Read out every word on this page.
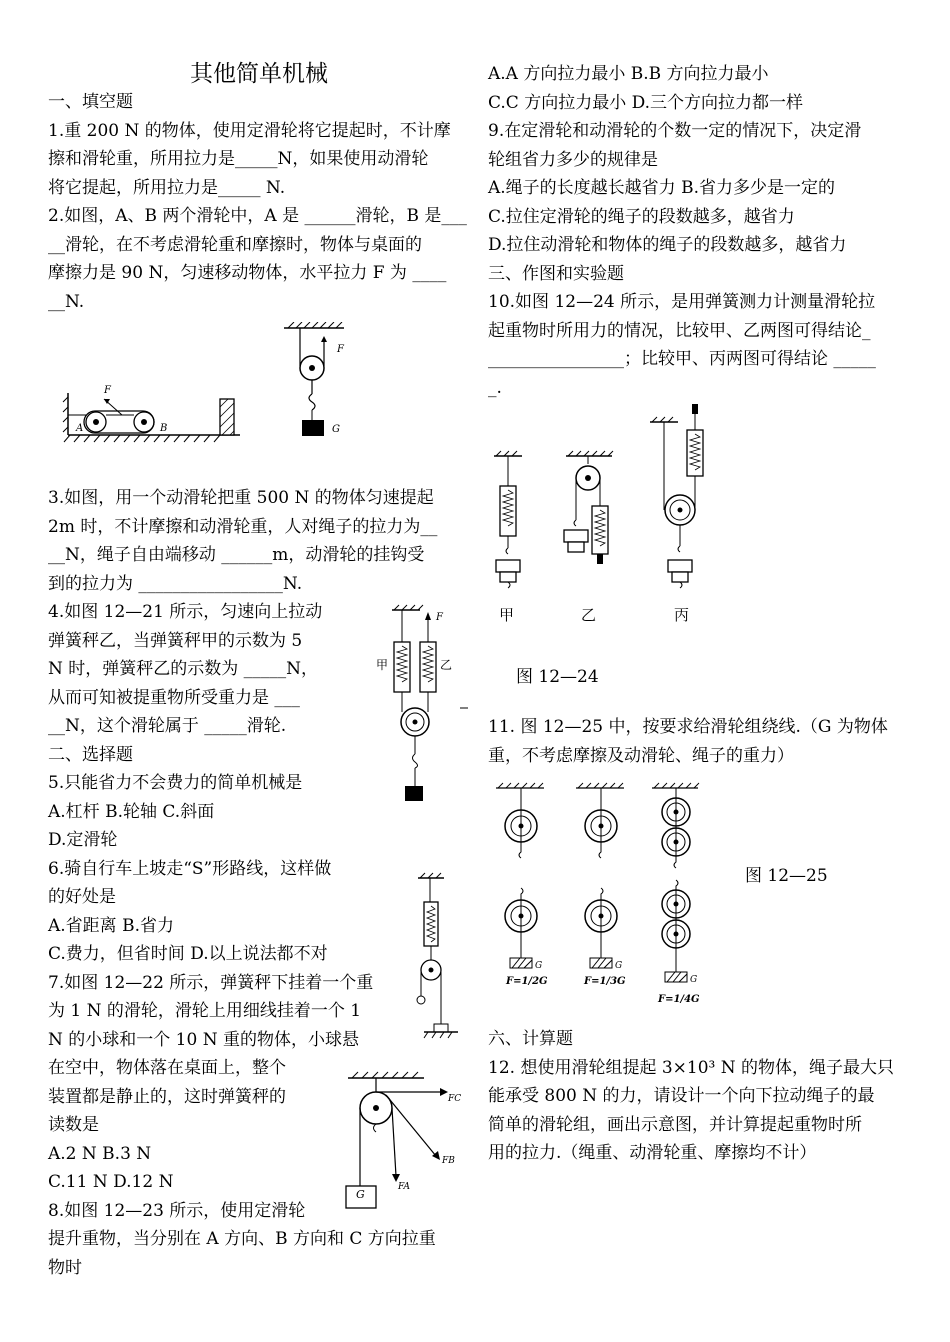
其他简单机械
一、填空题
1.重 200 N 的物体，使用定滑轮将它提起时，不计摩
擦和滑轮重，所用拉力是_____N，如果使用动滑轮
将它提起，所用拉力是_____ N.
2.如图，A、B 两个滑轮中，A 是 ______滑轮，B 是___
__滑轮，在不考虑滑轮重和摩擦时，物体与桌面的
摩擦力是 90 N，匀速移动物体，水平拉力 F 为 ____
__N.
F
A	B
F
G
3.如图，用一个动滑轮把重 500 N 的物体匀速提起
2m 时，不计摩擦和动滑轮重，人对绳子的拉力为__
__N，绳子自由端移动 ______m，动滑轮的挂钩受
到的拉力为 _________________N.
4.如图 12—21 所示，匀速向上拉动
弹簧秤乙，当弹簧秤甲的示数为 5
N 时，弹簧秤乙的示数为 _____N，
从而可知被提重物所受重力是 ___
__N，这个滑轮属于 _____滑轮.
二、选择题
5.只能省力不会费力的简单机械是
A.杠杆 B.轮轴 C.斜面
D.定滑轮
6.骑自行车上坡走“S”形路线，这样做
的好处是
A.省距离 B.省力
C.费力，但省时间 D.以上说法都不对
7.如图 12—22 所示，弹簧秤下挂着一个重
为 1 N 的滑轮，滑轮上用细线挂着一个 1
N 的小球和一个 10 N 重的物体，小球悬
在空中，物体落在桌面上，整个
装置都是静止的，这时弹簧秤的
读数是
A.2 N B.3 N
C.11 N D.12 N
8.如图 12—23 所示，使用定滑轮
提升重物，当分别在 A 方向、B 方向和 C 方向拉重
物时
F
甲	乙
G
FC
FB
FA
A.A 方向拉力最小 B.B 方向拉力最小
C.C 方向拉力最小 D.三个方向拉力都一样
9.在定滑轮和动滑轮的个数一定的情况下，决定滑
轮组省力多少的规律是
A.绳子的长度越长越省力 B.省力多少是一定的
C.拉住定滑轮的绳子的段数越多，越省力
D.拉住动滑轮和物体的绳子的段数越多，越省力
三、作图和实验题
10.如图 12—24 所示，是用弹簧测力计测量滑轮拉
起重物时所用力的情况，比较甲、乙两图可得结论_
________________；比较甲、丙两图可得结论 _____
_.
甲	乙	丙
图 12—24
11. 图 12—25 中，按要求给滑轮组绕线.（G 为物体
重，不考虑摩擦及动滑轮、绳子的重力）
G	G
G
F=1/2G	F=1/3G
F=1/4G
图 12—25
六、计算题
12. 想使用滑轮组提起 3×10³ N 的物体，绳子最大只
能承受 800 N 的力，请设计一个向下拉动绳子的最
简单的滑轮组，画出示意图，并计算提起重物时所
用的拉力.（绳重、动滑轮重、摩擦均不计）
